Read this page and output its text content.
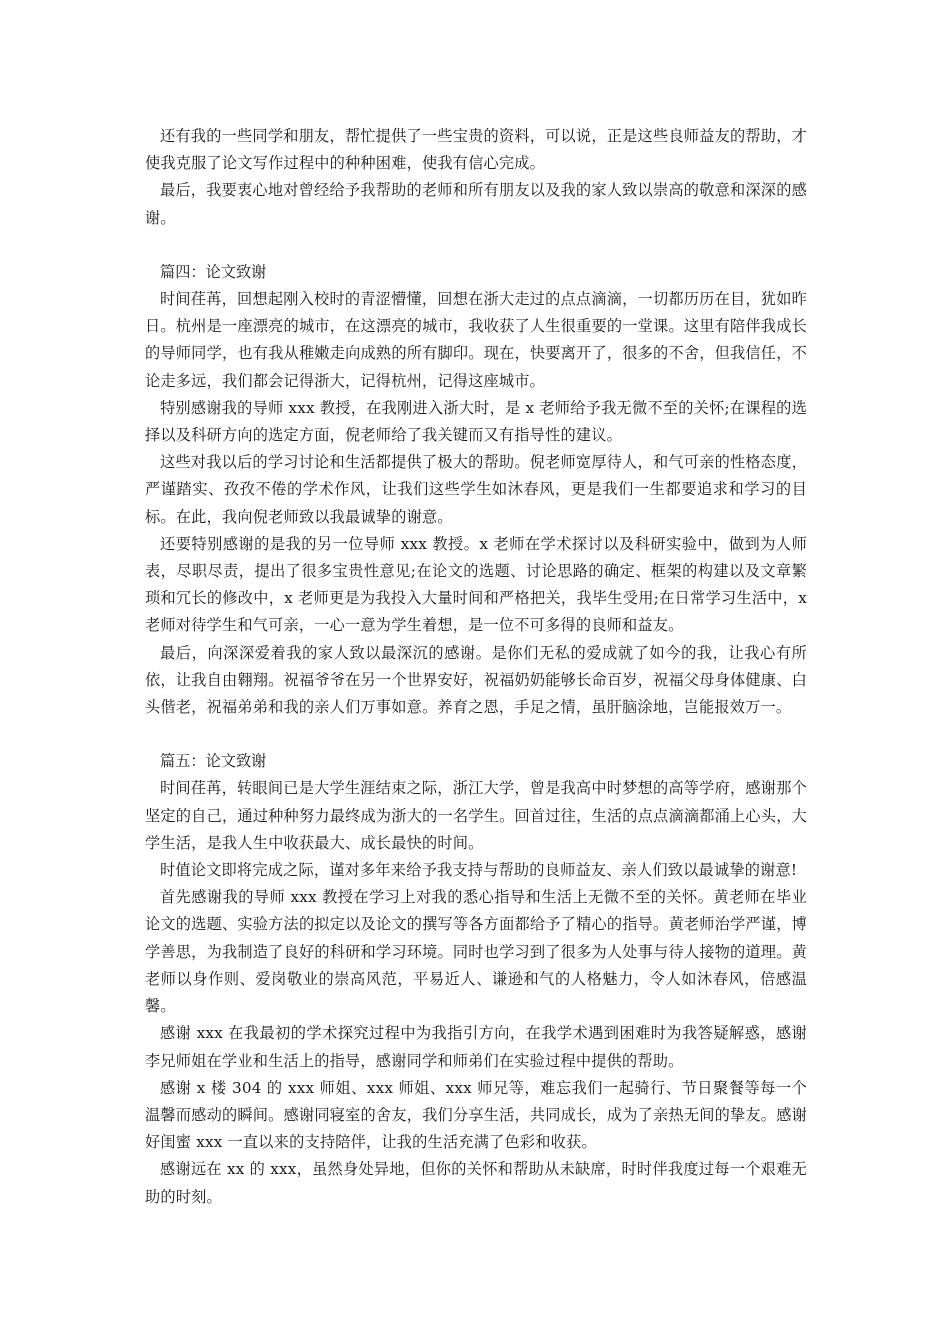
还有我的一些同学和朋友，帮忙提供了一些宝贵的资料，可以说，正是这些良师益友的帮助，才使我克服了论文写作过程中的种种困难，使我有信心完成。

最后，我要衷心地对曾经给予我帮助的老师和所有朋友以及我的家人致以崇高的敬意和深深的感谢。

篇四：论文致谢

时间荏苒，回想起刚入校时的青涩懵懂，回想在浙大走过的点点滴滴，一切都历历在目，犹如昨日。杭州是一座漂亮的城市，在这漂亮的城市，我收获了人生很重要的一堂课。这里有陪伴我成长的导师同学，也有我从稚嫩走向成熟的所有脚印。现在，快要离开了，很多的不舍，但我信任，不论走多远，我们都会记得浙大，记得杭州，记得这座城市。

特别感谢我的导师 xxx 教授，在我刚进入浙大时，是 x 老师给予我无微不至的关怀;在课程的选择以及科研方向的选定方面，倪老师给了我关键而又有指导性的建议。

这些对我以后的学习讨论和生活都提供了极大的帮助。倪老师宽厚待人，和气可亲的性格态度，严谨踏实、孜孜不倦的学术作风，让我们这些学生如沐春风，更是我们一生都要追求和学习的目标。在此，我向倪老师致以我最诚挚的谢意。

还要特别感谢的是我的另一位导师 xxx 教授。x 老师在学术探讨以及科研实验中，做到为人师表，尽职尽责，提出了很多宝贵性意见;在论文的选题、讨论思路的确定、框架的构建以及文章繁琐和冗长的修改中，x 老师更是为我投入大量时间和严格把关，我毕生受用;在日常学习生活中，x 老师对待学生和气可亲，一心一意为学生着想，是一位不可多得的良师和益友。

最后，向深深爱着我的家人致以最深沉的感谢。是你们无私的爱成就了如今的我，让我心有所依，让我自由翱翔。祝福爷爷在另一个世界安好，祝福奶奶能够长命百岁，祝福父母身体健康、白头偕老，祝福弟弟和我的亲人们万事如意。养育之恩，手足之情，虽肝脑涂地，岂能报效万一。

篇五：论文致谢

时间荏苒，转眼间已是大学生涯结束之际，浙江大学，曾是我高中时梦想的高等学府，感谢那个坚定的自己，通过种种努力最终成为浙大的一名学生。回首过往，生活的点点滴滴都涌上心头，大学生活，是我人生中收获最大、成长最快的时间。

时值论文即将完成之际，谨对多年来给予我支持与帮助的良师益友、亲人们致以最诚挚的谢意!

首先感谢我的导师 xxx 教授在学习上对我的悉心指导和生活上无微不至的关怀。黄老师在毕业论文的选题、实验方法的拟定以及论文的撰写等各方面都给予了精心的指导。黄老师治学严谨，博学善思，为我制造了良好的科研和学习环境。同时也学习到了很多为人处事与待人接物的道理。黄老师以身作则、爱岗敬业的崇高风范，平易近人、谦逊和气的人格魅力，令人如沐春风，倍感温馨。

感谢 xxx 在我最初的学术探究过程中为我指引方向，在我学术遇到困难时为我答疑解惑，感谢李兄师姐在学业和生活上的指导，感谢同学和师弟们在实验过程中提供的帮助。

感谢 x 楼 304 的 xxx 师姐、xxx 师姐、xxx 师兄等，难忘我们一起骑行、节日聚餐等每一个温馨而感动的瞬间。感谢同寝室的舍友，我们分享生活，共同成长，成为了亲热无间的挚友。感谢好闺蜜 xxx 一直以来的支持陪伴，让我的生活充满了色彩和收获。

感谢远在 xx 的 xxx，虽然身处异地，但你的关怀和帮助从未缺席，时时伴我度过每一个艰难无助的时刻。
